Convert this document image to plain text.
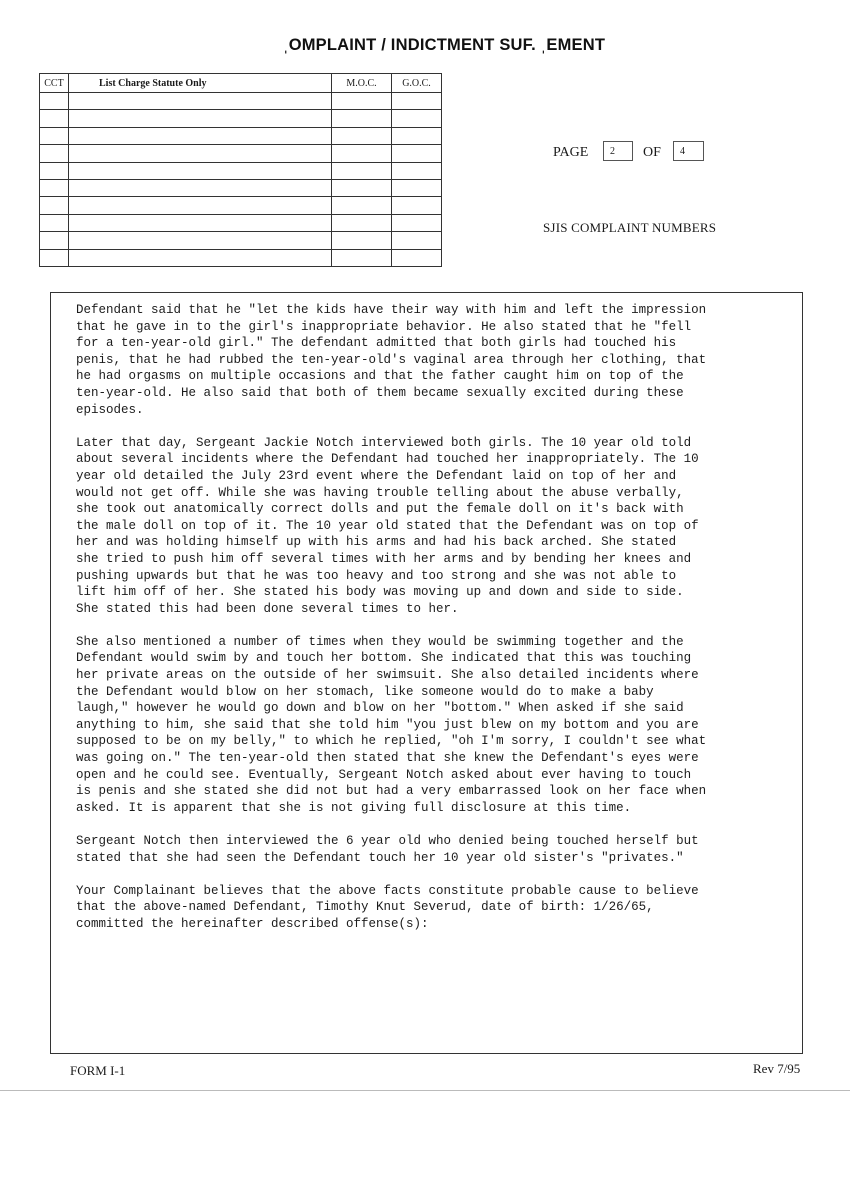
ˌOMPLAINT / INDICTMENT SUF. ˌEMENT
CCT	List Charge Statute Only	M.O.C.	G.O.C.

PAGE	2	OF	4
SJIS COMPLAINT NUMBERS

Defendant said that he "let the kids have their way with him and left the impression
that he gave in to the girl's inappropriate behavior. He also stated that he "fell
for a ten-year-old girl." The defendant admitted that both girls had touched his
penis, that he had rubbed the ten-year-old's vaginal area through her clothing, that
he had orgasms on multiple occasions and that the father caught him on top of the
ten-year-old. He also said that both of them became sexually excited during these
episodes.

Later that day, Sergeant Jackie Notch interviewed both girls. The 10 year old told
about several incidents where the Defendant had touched her inappropriately. The 10
year old detailed the July 23rd event where the Defendant laid on top of her and
would not get off. While she was having trouble telling about the abuse verbally,
she took out anatomically correct dolls and put the female doll on it's back with
the male doll on top of it. The 10 year old stated that the Defendant was on top of
her and was holding himself up with his arms and had his back arched. She stated
she tried to push him off several times with her arms and by bending her knees and
pushing upwards but that he was too heavy and too strong and she was not able to
lift him off of her. She stated his body was moving up and down and side to side.
She stated this had been done several times to her.

She also mentioned a number of times when they would be swimming together and the
Defendant would swim by and touch her bottom. She indicated that this was touching
her private areas on the outside of her swimsuit. She also detailed incidents where
the Defendant would blow on her stomach, like someone would do to make a baby
laugh," however he would go down and blow on her "bottom." When asked if she said
anything to him, she said that she told him "you just blew on my bottom and you are
supposed to be on my belly," to which he replied, "oh I'm sorry, I couldn't see what
was going on." The ten-year-old then stated that she knew the Defendant's eyes were
open and he could see. Eventually, Sergeant Notch asked about ever having to touch
is penis and she stated she did not but had a very embarrassed look on her face when
asked. It is apparent that she is not giving full disclosure at this time.

Sergeant Notch then interviewed the 6 year old who denied being touched herself but
stated that she had seen the Defendant touch her 10 year old sister's "privates."

Your Complainant believes that the above facts constitute probable cause to believe
that the above-named Defendant, Timothy Knut Severud, date of birth: 1/26/65,
committed the hereinafter described offense(s):

FORM I-1	Rev 7/95
